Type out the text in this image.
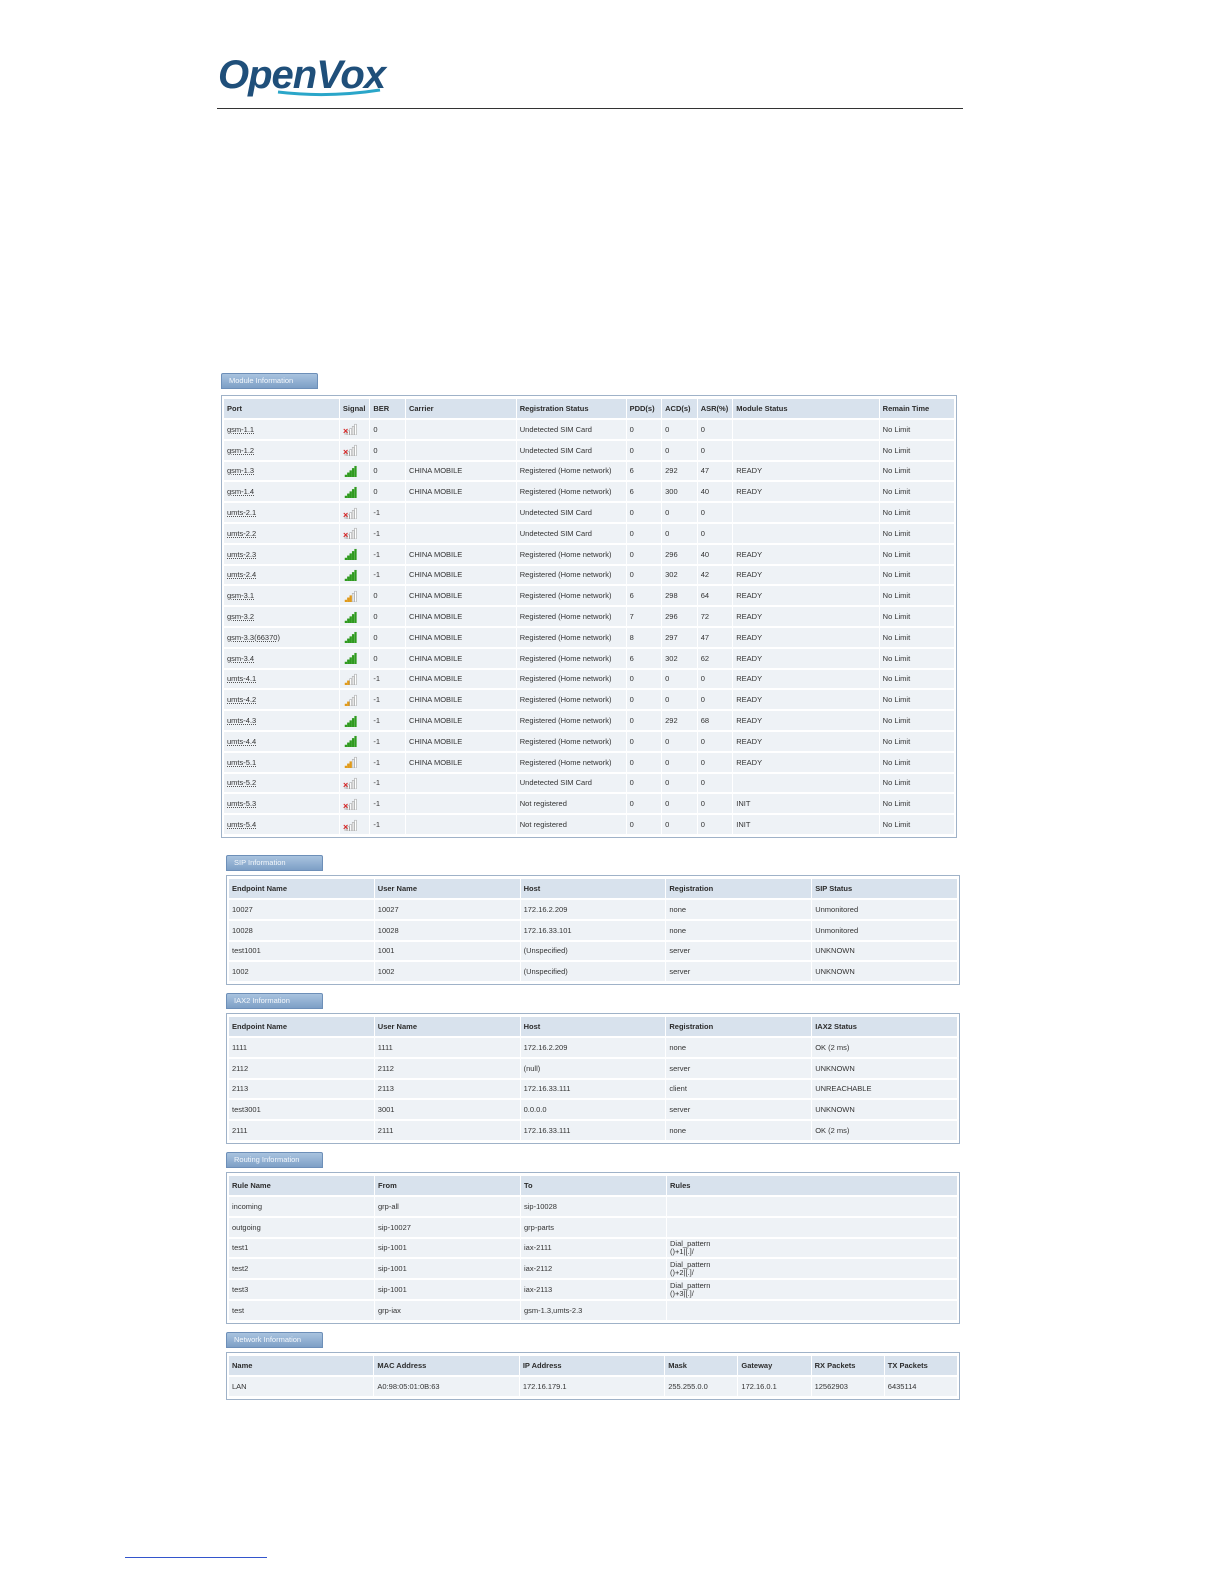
OpenVox
Module Information
Port	Signal	BER	Carrier	Registration Status	PDD(s)	ACD(s)	ASR(%)	Module Status	Remain Time
gsm-1.1	×	0		Undetected SIM Card	0	0	0		No Limit
gsm-1.2	×	0		Undetected SIM Card	0	0	0		No Limit
gsm-1.3		0	CHINA MOBILE	Registered (Home network)	6	292	47	READY	No Limit
gsm-1.4		0	CHINA MOBILE	Registered (Home network)	6	300	40	READY	No Limit
umts-2.1	×	-1		Undetected SIM Card	0	0	0		No Limit
umts-2.2	×	-1		Undetected SIM Card	0	0	0		No Limit
umts-2.3		-1	CHINA MOBILE	Registered (Home network)	0	296	40	READY	No Limit
umts-2.4		-1	CHINA MOBILE	Registered (Home network)	0	302	42	READY	No Limit
gsm-3.1		0	CHINA MOBILE	Registered (Home network)	6	298	64	READY	No Limit
gsm-3.2		0	CHINA MOBILE	Registered (Home network)	7	296	72	READY	No Limit
gsm-3.3(66370)		0	CHINA MOBILE	Registered (Home network)	8	297	47	READY	No Limit
gsm-3.4		0	CHINA MOBILE	Registered (Home network)	6	302	62	READY	No Limit
umts-4.1		-1	CHINA MOBILE	Registered (Home network)	0	0	0	READY	No Limit
umts-4.2		-1	CHINA MOBILE	Registered (Home network)	0	0	0	READY	No Limit
umts-4.3		-1	CHINA MOBILE	Registered (Home network)	0	292	68	READY	No Limit
umts-4.4		-1	CHINA MOBILE	Registered (Home network)	0	0	0	READY	No Limit
umts-5.1		-1	CHINA MOBILE	Registered (Home network)	0	0	0	READY	No Limit
umts-5.2	×	-1		Undetected SIM Card	0	0	0		No Limit
umts-5.3	×	-1		Not registered	0	0	0	INIT	No Limit
umts-5.4	×	-1		Not registered	0	0	0	INIT	No Limit
SIP Information
Endpoint Name	User Name	Host	Registration	SIP Status
10027	10027	172.16.2.209	none	Unmonitored
10028	10028	172.16.33.101	none	Unmonitored
test1001	1001	(Unspecified)	server	UNKNOWN
1002	1002	(Unspecified)	server	UNKNOWN
IAX2 Information
Endpoint Name	User Name	Host	Registration	IAX2 Status
1111	1111	172.16.2.209	none	OK (2 ms)
2112	2112	(null)	server	UNKNOWN
2113	2113	172.16.33.111	client	UNREACHABLE
test3001	3001	0.0.0.0	server	UNKNOWN
2111	2111	172.16.33.111	none	OK (2 ms)
Routing Information
Rule Name	From	To	Rules
incoming	grp-all	sip-10028	
outgoing	sip-10027	grp-parts	
test1	sip-1001	iax-2111	Dial_pattern
()+1|[.]/
test2	sip-1001	iax-2112	Dial_pattern
()+2|[.]/
test3	sip-1001	iax-2113	Dial_pattern
()+3|[.]/
test	grp-iax	gsm-1.3,umts-2.3	
Network Information
Name	MAC Address	IP Address	Mask	Gateway	RX Packets	TX Packets
LAN	A0:98:05:01:0B:63	172.16.179.1	255.255.0.0	172.16.0.1	12562903	6435114
